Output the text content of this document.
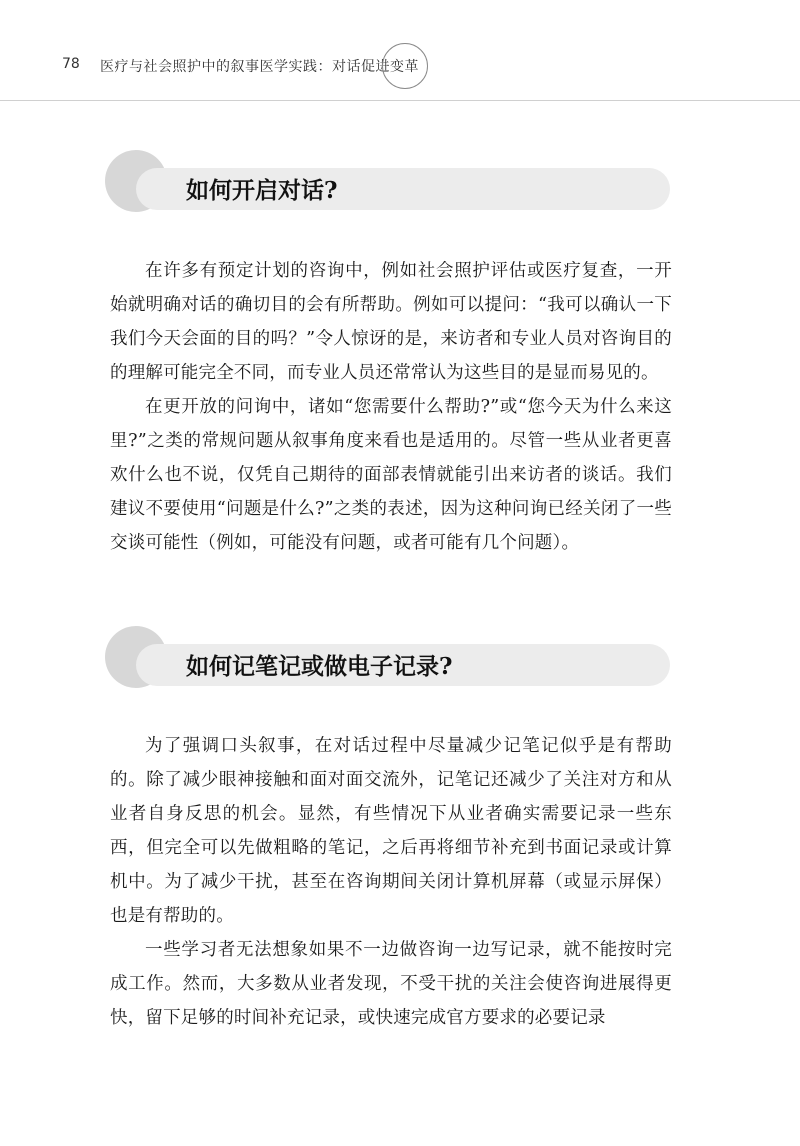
78 医疗与社会照护中的叙事医学实践：对话促进变革
如何开启对话?

在许多有预定计划的咨询中，例如社会照护评估或医疗复查，一开始就明确对话的确切目的会有所帮助。例如可以提问：“我可以确认一下我们今天会面的目的吗？”令人惊讶的是，来访者和专业人员对咨询目的的理解可能完全不同，而专业人员还常常认为这些目的是显而易见的。

在更开放的问询中，诸如“您需要什么帮助?”或“您今天为什么来这里?”之类的常规问题从叙事角度来看也是适用的。尽管一些从业者更喜欢什么也不说，仅凭自己期待的面部表情就能引出来访者的谈话。我们建议不要使用“问题是什么?”之类的表述，因为这种问询已经关闭了一些交谈可能性（例如，可能没有问题，或者可能有几个问题）。

如何记笔记或做电子记录?

为了强调口头叙事，在对话过程中尽量减少记笔记似乎是有帮助的。除了减少眼神接触和面对面交流外，记笔记还减少了关注对方和从业者自身反思的机会。显然，有些情况下从业者确实需要记录一些东西，但完全可以先做粗略的笔记，之后再将细节补充到书面记录或计算机中。为了减少干扰，甚至在咨询期间关闭计算机屏幕（或显示屏保）也是有帮助的。

一些学习者无法想象如果不一边做咨询一边写记录，就不能按时完成工作。然而，大多数从业者发现，不受干扰的关注会使咨询进展得更快，留下足够的时间补充记录，或快速完成官方要求的必要记录
